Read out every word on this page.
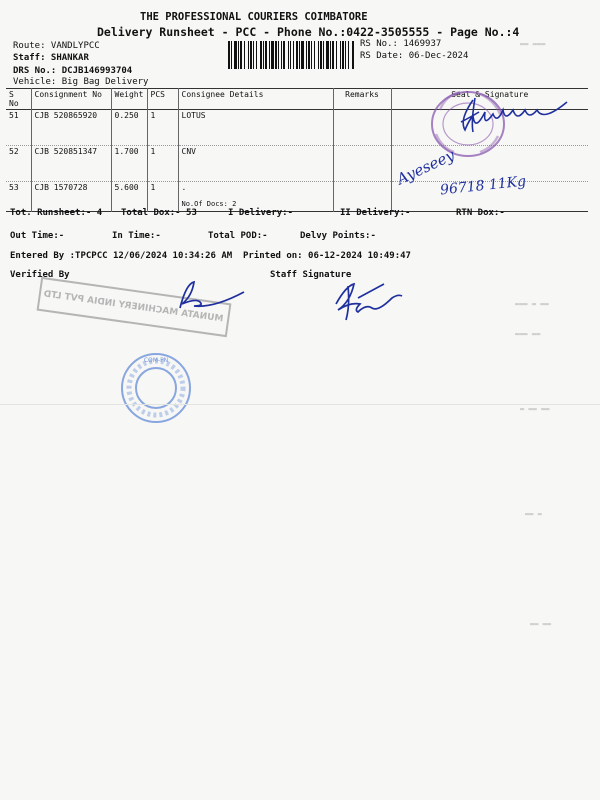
▬▬ ▬▬▬
▬▬▬ ▬ ▬▬
▬▬▬ ▬▬
▬ ▬▬ ▬▬
▬▬ ▬
▬▬ ▬▬
THE PROFESSIONAL COURIERS COIMBATORE
Delivery Runsheet - PCC - Phone No.:0422-3505555 - Page No.:4
Route: VANDLYPCC
Staff: SHANKAR
DRS No.: DCJB146993704
Vehicle: Big Bag Delivery
RS No.: 1469937
RS Date: 06-Dec-2024
S No	Consignment No	Weight	PCS	Consignee Details	Remarks	Seal & Signature
51	CJB 520865920	0.250	1	LOTUS		
52	CJB 520851347	1.700	1	CNV		
53	CJB 1570728	5.600	1	.
No.Of Docs: 2		

Ayeseey
96718 11Kg
Tot. Runsheet:- 4 Total Dox:- 53	I Delivery:-	II Delivery:-	RTN Dox:-
Out Time:-	In Time:-	Total POD:-	Delvy Points:-
Entered By :TPCPCC 12/06/2024 10:34:26 AM Printed on: 06-12-2024 10:49:47
Verified By	Staff Signature
MUNATA MACHINERY INDIA PVT LTD
COM-PN
